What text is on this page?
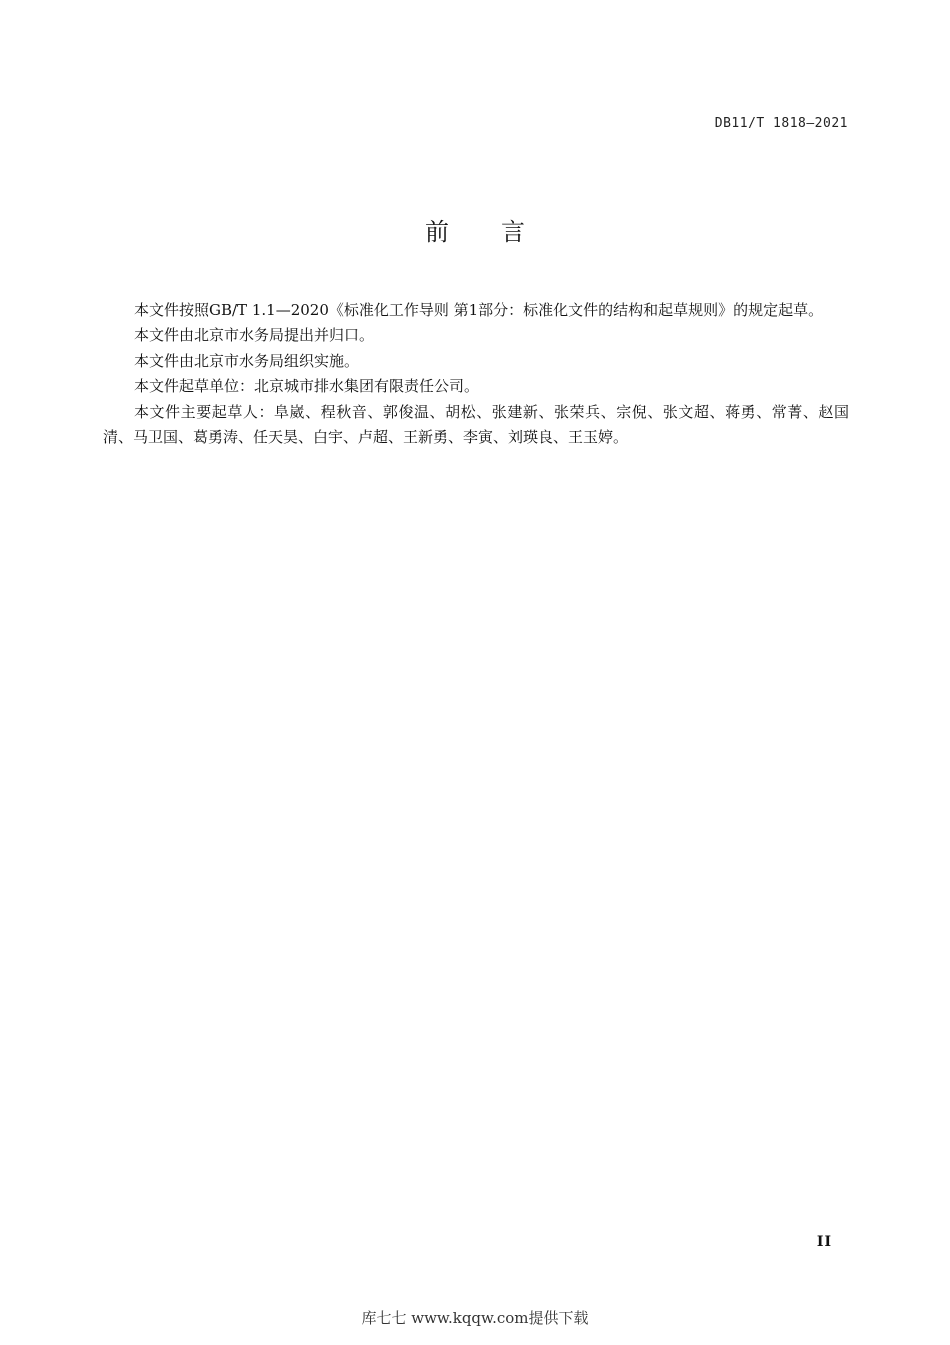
DB11/T 1818—2021
前言

本文件按照GB/T 1.1—2020《标准化工作导则 第1部分：标准化文件的结构和起草规则》的规定起草。

本文件由北京市水务局提出并归口。

本文件由北京市水务局组织实施。

本文件起草单位：北京城市排水集团有限责任公司。

本文件主要起草人：阜崴、程秋音、郭俊温、胡松、张建新、张荣兵、宗倪、张文超、蒋勇、常菁、赵国清、马卫国、葛勇涛、任天昊、白宇、卢超、王新勇、李寅、刘瑛良、王玉婷。

II
库七七 www.kqqw.com提供下载
